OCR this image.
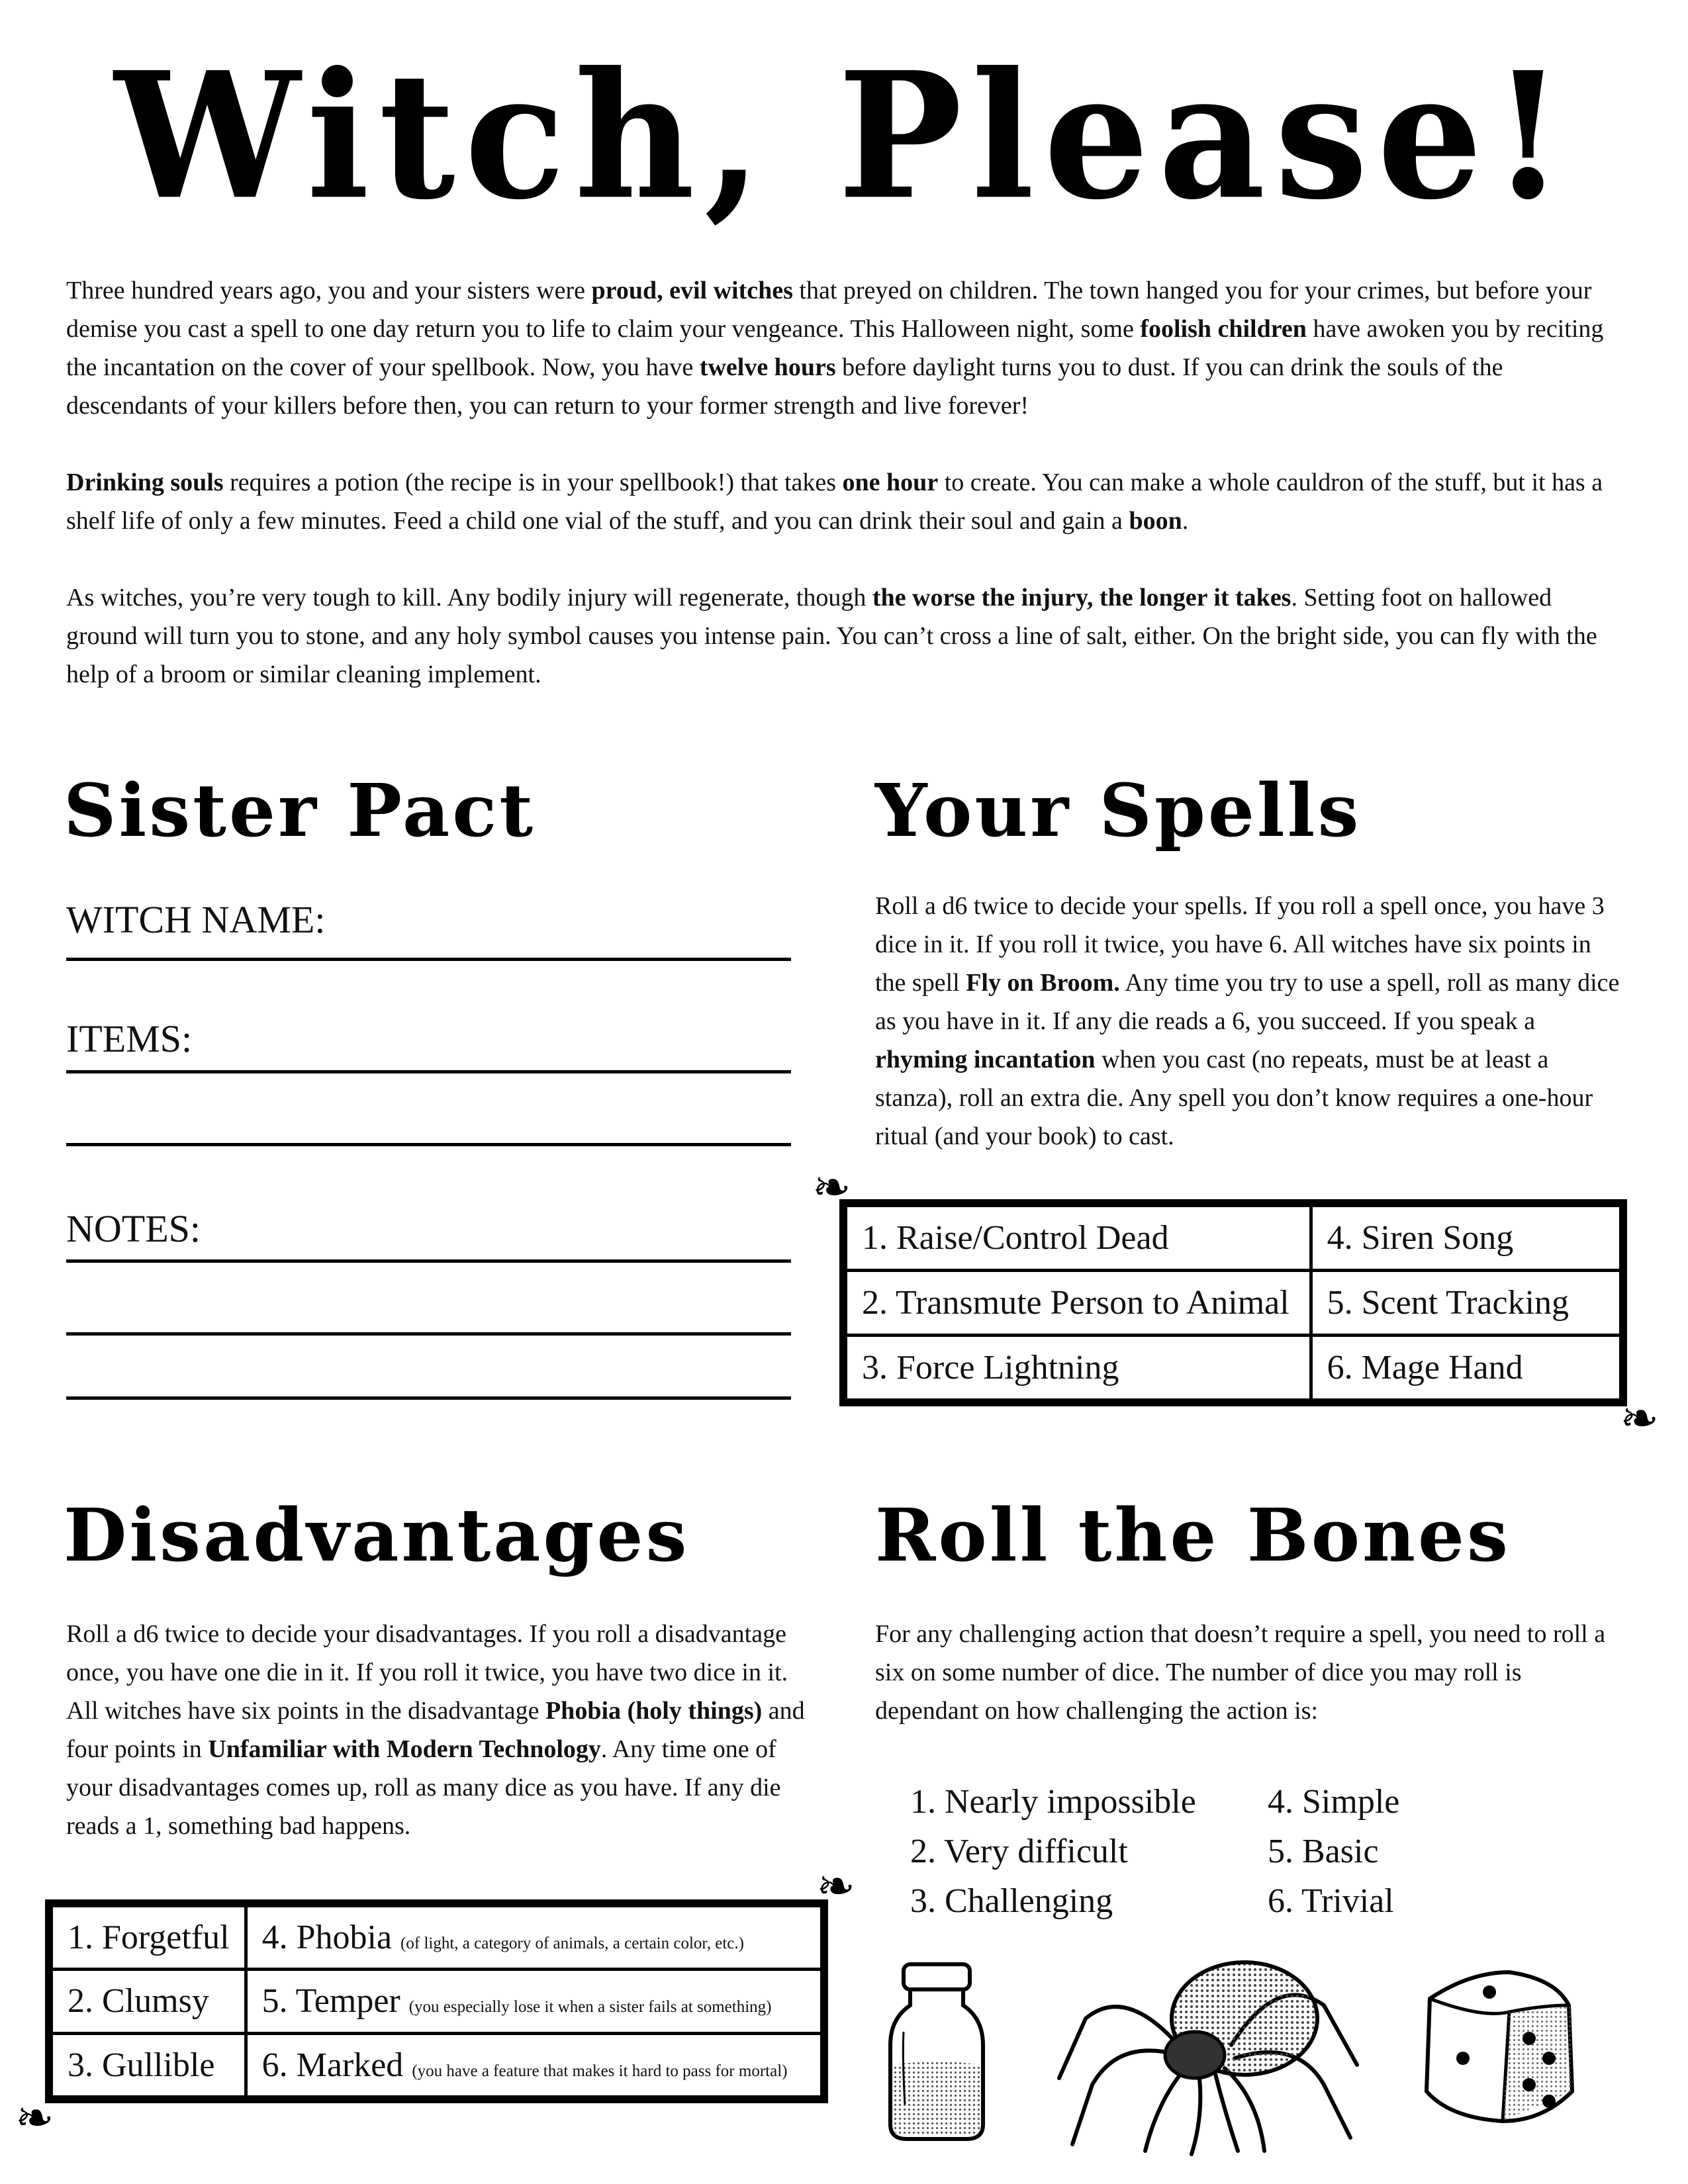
Witch, Please!

Three hundred years ago, you and your sisters were proud, evil witches that preyed on children. The town hanged you for your crimes, but before your demise you cast a spell to one day return you to life to claim your vengeance. This Halloween night, some foolish children have awoken you by reciting the incantation on the cover of your spellbook. Now, you have twelve hours before daylight turns you to dust. If you can drink the souls of the descendants of your killers before then, you can return to your former strength and live forever!

Drinking souls requires a potion (the recipe is in your spellbook!) that takes one hour to create. You can make a whole cauldron of the stuff, but it has a shelf life of only a few minutes. Feed a child one vial of the stuff, and you can drink their soul and gain a boon.

As witches, you’re very tough to kill. Any bodily injury will regenerate, though the worse the injury, the longer it takes. Setting foot on hallowed ground will turn you to stone, and any holy symbol causes you intense pain. You can’t cross a line of salt, either. On the bright side, you can fly with the help of a broom or similar cleaning implement.

Sister Pact
WITCH NAME:
ITEMS:
NOTES:
Your Spells
Roll a d6 twice to decide your spells. If you roll a spell once, you have 3 dice in it. If you roll it twice, you have 6. All witches have six points in the spell Fly on Broom. Any time you try to use a spell, roll as many dice as you have in it. If any die reads a 6, you succeed. If you speak a rhyming incantation when you cast (no repeats, must be at least a stanza), roll an extra die. Any spell you don’t know requires a one-hour ritual (and your book) to cast.
❧
❧
1. Raise/Control Dead	4. Siren Song
2. Transmute Person to Animal	5. Scent Tracking
3. Force Lightning	6. Mage Hand
Disadvantages
Roll a d6 twice to decide your disadvantages. If you roll a disadvantage once, you have one die in it. If you roll it twice, you have two dice in it. All witches have six points in the disadvantage Phobia (holy things) and four points in Unfamiliar with Modern Technology. Any time one of your disadvantages comes up, roll as many dice as you have. If any die reads a 1, something bad happens.
❧
❧
1. Forgetful	4. Phobia (of light, a category of animals, a certain color, etc.)
2. Clumsy	5. Temper (you especially lose it when a sister fails at something)
3. Gullible	6. Marked (you have a feature that makes it hard to pass for mortal)
Roll the Bones
For any challenging action that doesn’t require a spell, you need to roll a six on some number of dice. The number of dice you may roll is dependant on how challenging the action is:
1. Nearly impossible
2. Very difficult
3. Challenging
4. Simple
5. Basic
6. Trivial
